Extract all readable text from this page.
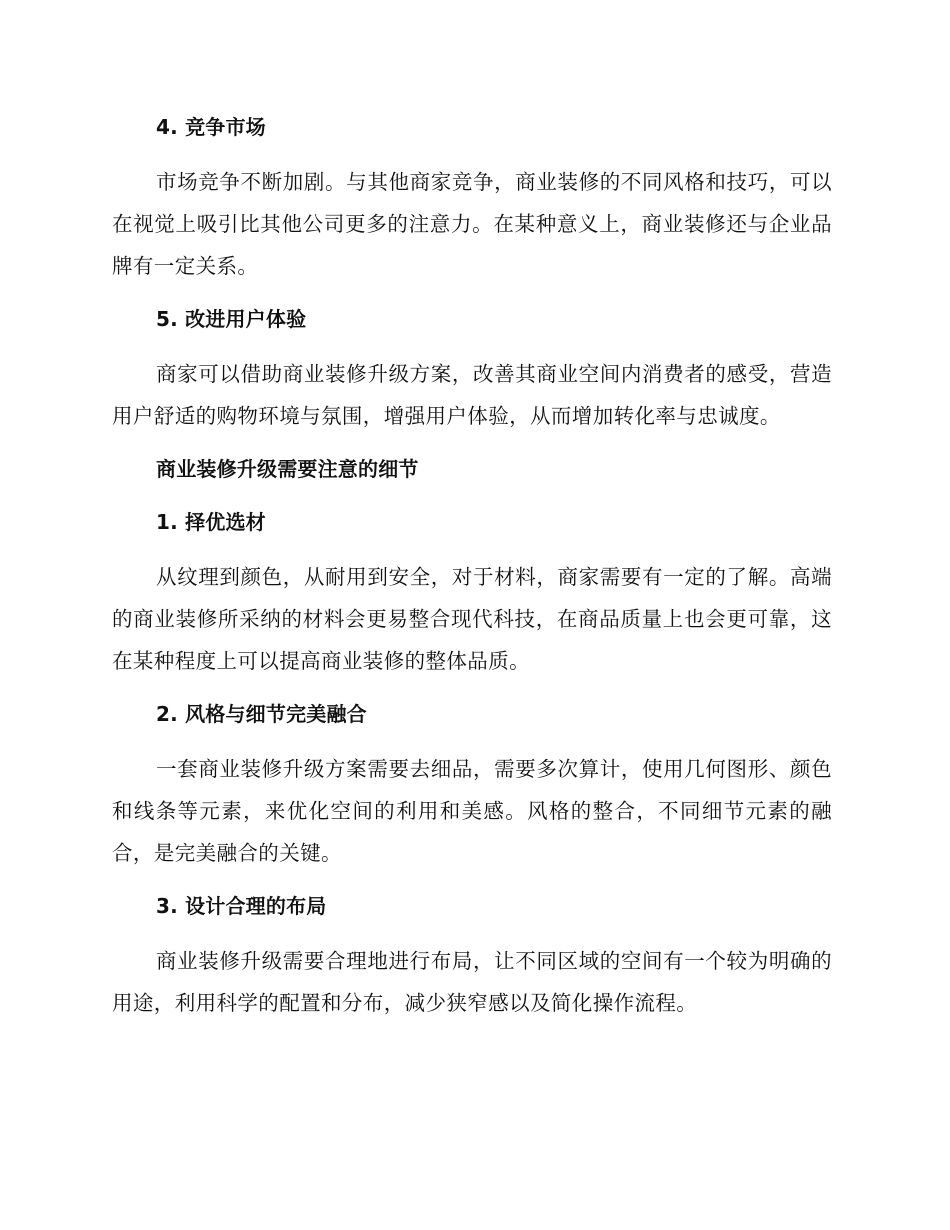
4. 竞争市场

市场竞争不断加剧。与其他商家竞争，商业装修的不同风格和技巧，可以在视觉上吸引比其他公司更多的注意力。在某种意义上，商业装修还与企业品牌有一定关系。

5. 改进用户体验

商家可以借助商业装修升级方案，改善其商业空间内消费者的感受，营造用户舒适的购物环境与氛围，增强用户体验，从而增加转化率与忠诚度。

商业装修升级需要注意的细节
1. 择优选材

从纹理到颜色，从耐用到安全，对于材料，商家需要有一定的了解。高端的商业装修所采纳的材料会更易整合现代科技，在商品质量上也会更可靠，这在某种程度上可以提高商业装修的整体品质。

2. 风格与细节完美融合

一套商业装修升级方案需要去细品，需要多次算计，使用几何图形、颜色和线条等元素，来优化空间的利用和美感。风格的整合，不同细节元素的融合，是完美融合的关键。

3. 设计合理的布局

商业装修升级需要合理地进行布局，让不同区域的空间有一个较为明确的用途，利用科学的配置和分布，减少狭窄感以及简化操作流程。
